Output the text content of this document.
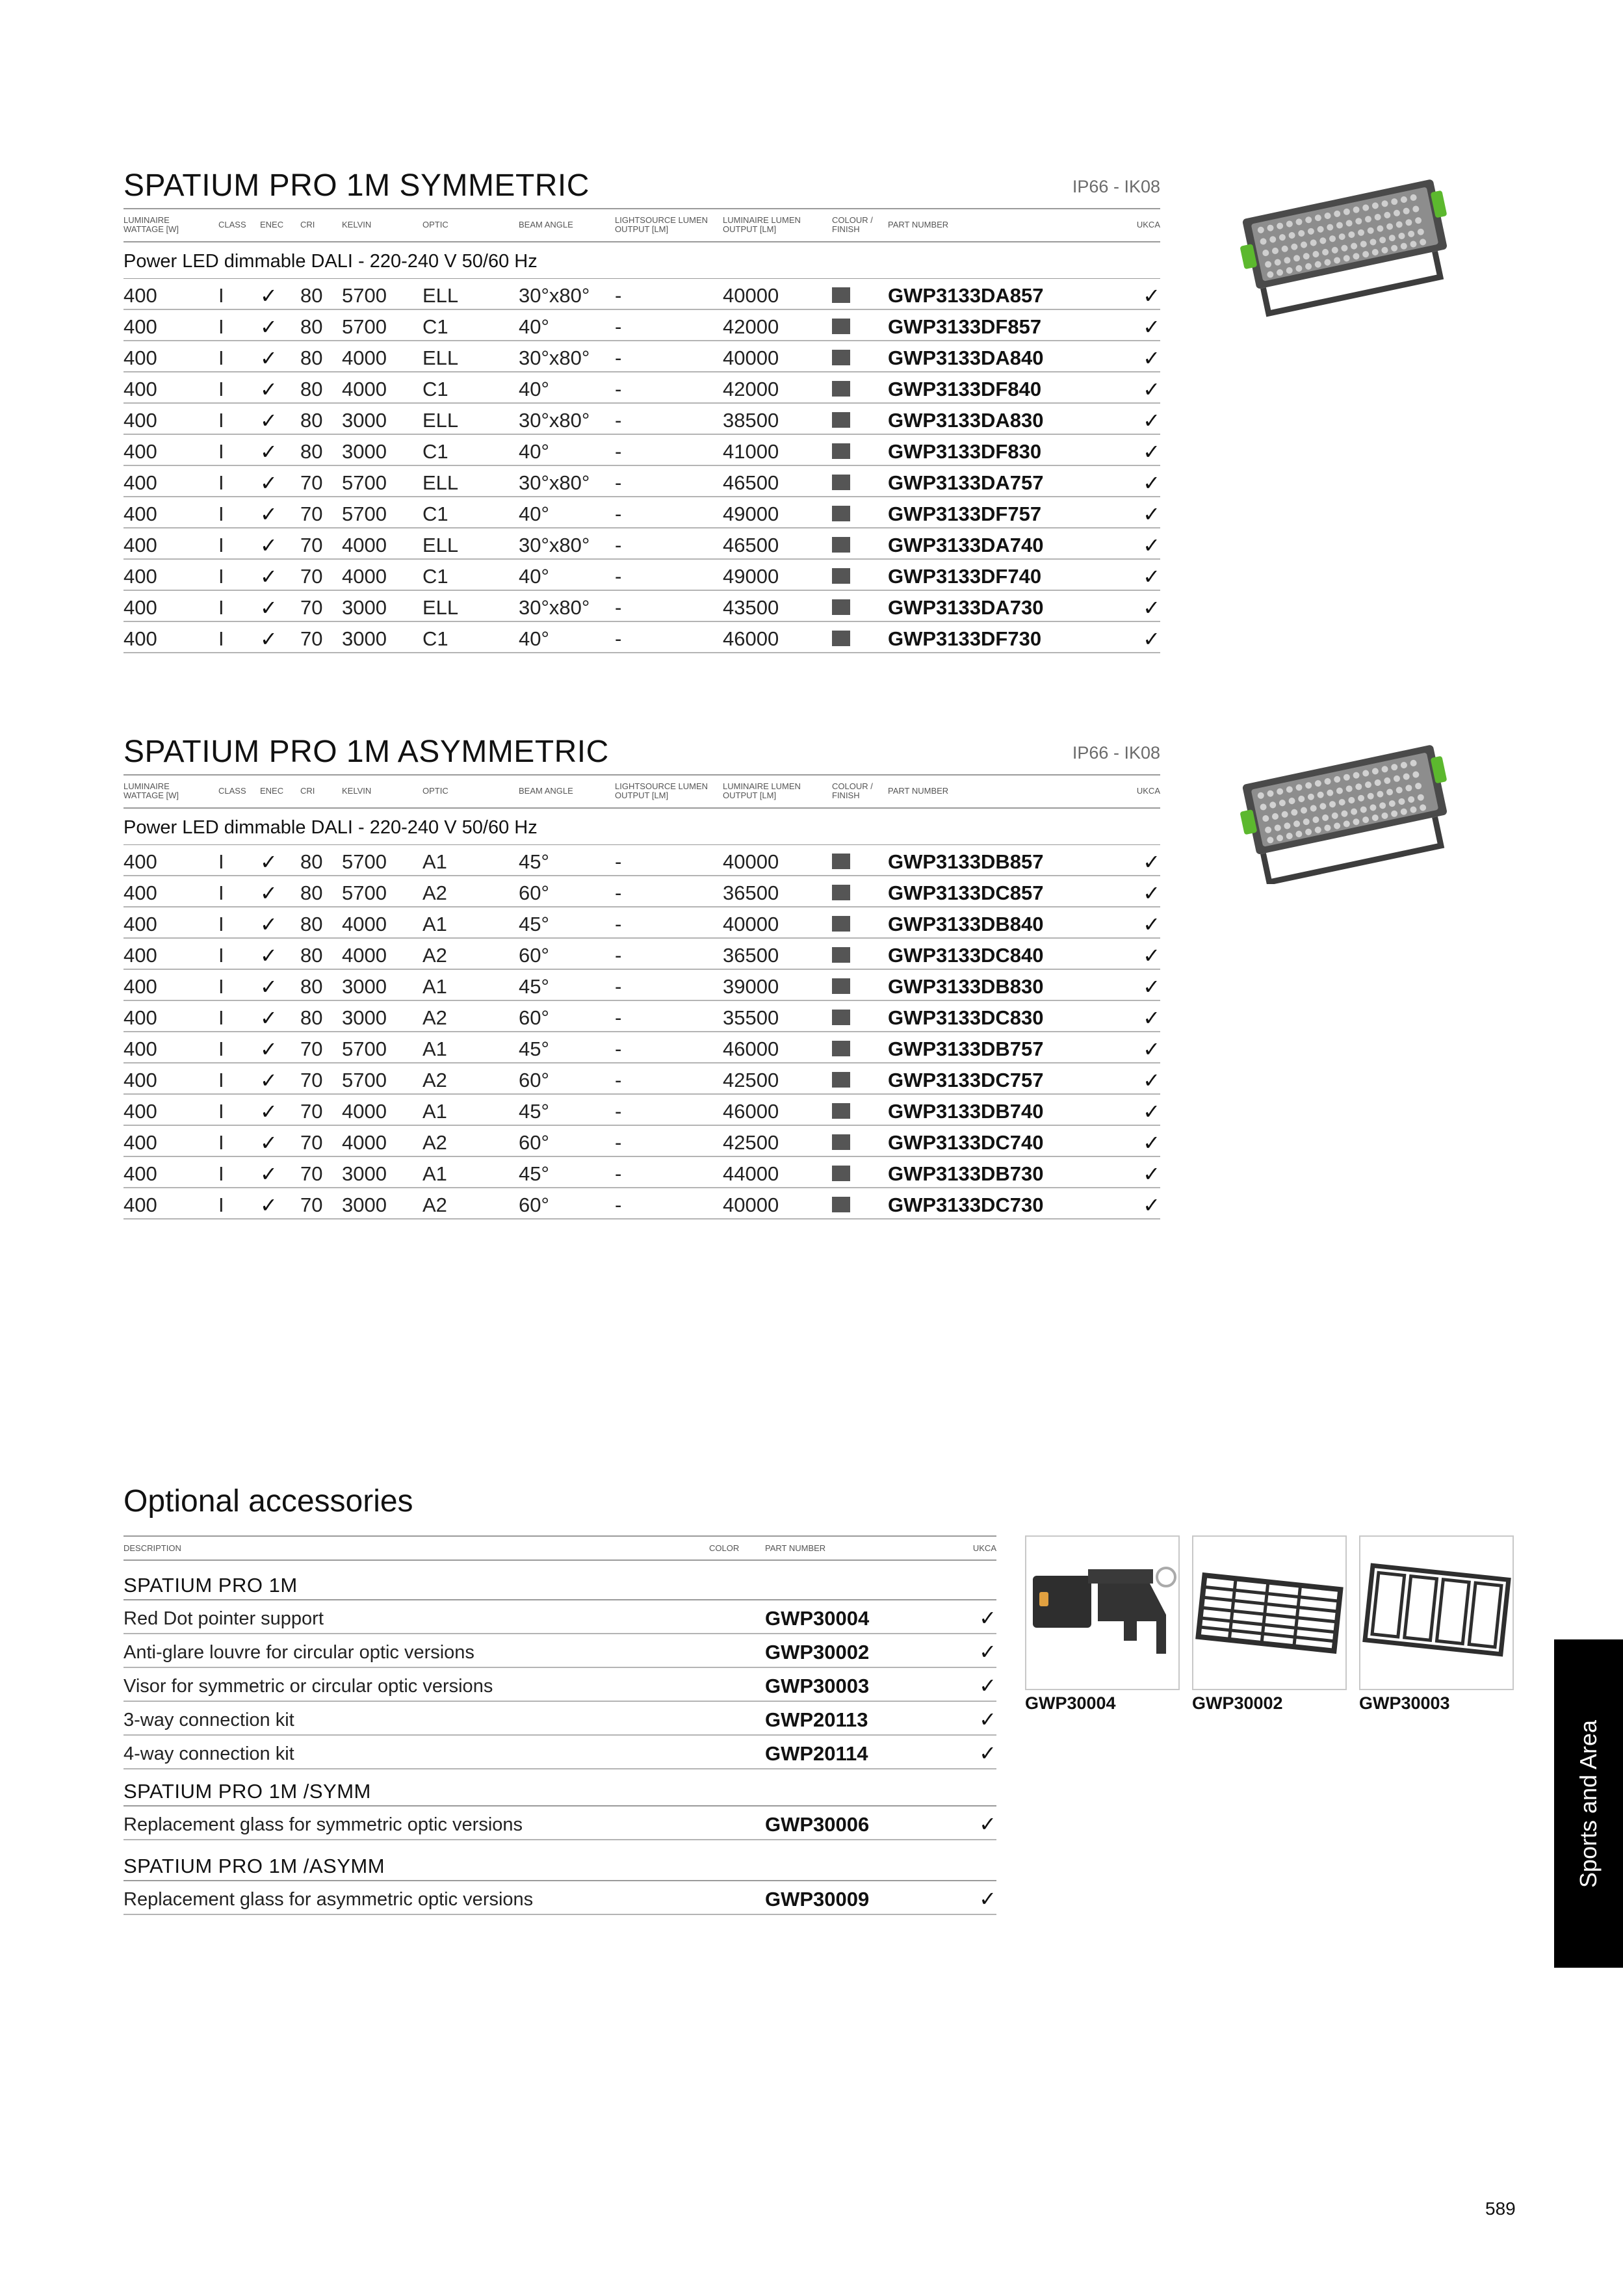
SPATIUM PRO 1M SYMMETRIC	IP66 - IK08
LUMINAIRE
WATTAGE [W]	CLASS ENEC CRI	KELVIN	OPTIC	BEAM ANGLE	LIGHTSOURCE LUMEN
OUTPUT [LM]
LUMINAIRE LUMEN
OUTPUT [LM]
COLOUR /
FINISH	PART NUMBER	UKCA
Power LED dimmable DALI - 220-240 V 50/60 Hz
400	I ✓ 80 5700 ELL	30°x80° -	40000	GWP3133DA857	✓
400	I ✓ 80 5700 C1	40°	-	42000	GWP3133DF857	✓
400	I ✓ 80 4000 ELL	30°x80° -	40000	GWP3133DA840	✓
400	I ✓ 80 4000 C1	40°	-	42000	GWP3133DF840	✓
400	I ✓ 80 3000 ELL	30°x80° -	38500	GWP3133DA830	✓
400	I ✓ 80 3000 C1	40°	-	41000	GWP3133DF830	✓
400	I ✓ 70 5700 ELL	30°x80° -	46500	GWP3133DA757	✓
400	I ✓ 70 5700 C1	40°	-	49000	GWP3133DF757	✓
400	I ✓ 70 4000 ELL	30°x80° -	46500	GWP3133DA740	✓
400	I ✓ 70 4000 C1	40°	-	49000	GWP3133DF740	✓
400	I ✓ 70 3000 ELL	30°x80° -	43500	GWP3133DA730	✓
400	I ✓ 70 3000 C1	40°	-	46000	GWP3133DF730	✓
SPATIUM PRO 1M ASYMMETRIC	IP66 - IK08
LUMINAIRE
WATTAGE [W]	CLASS ENEC CRI	KELVIN	OPTIC	BEAM ANGLE	LIGHTSOURCE LUMEN
OUTPUT [LM]
LUMINAIRE LUMEN
OUTPUT [LM]
COLOUR /
FINISH	PART NUMBER	UKCA
Power LED dimmable DALI - 220-240 V 50/60 Hz
400	I ✓ 80 5700 A1	45°	-	40000	GWP3133DB857	✓
400	I ✓ 80 5700 A2	60°	-	36500	GWP3133DC857	✓
400	I ✓ 80 4000 A1	45°	-	40000	GWP3133DB840	✓
400	I ✓ 80 4000 A2	60°	-	36500	GWP3133DC840	✓
400	I ✓ 80 3000 A1	45°	-	39000	GWP3133DB830	✓
400	I ✓ 80 3000 A2	60°	-	35500	GWP3133DC830	✓
400	I ✓ 70 5700 A1	45°	-	46000	GWP3133DB757	✓
400	I ✓ 70 5700 A2	60°	-	42500	GWP3133DC757	✓
400	I ✓ 70 4000 A1	45°	-	46000	GWP3133DB740	✓
400	I ✓ 70 4000 A2	60°	-	42500	GWP3133DC740	✓
400	I ✓ 70 3000 A1	45°	-	44000	GWP3133DB730	✓
400	I ✓ 70 3000 A2	60°	-	40000	GWP3133DC730	✓
Optional accessories
DESCRIPTION	COLOR	PART NUMBER	UKCA
SPATIUM PRO 1M
Red Dot pointer support	GWP30004	✓
Anti-glare louvre for circular optic versions	GWP30002	✓
Visor for symmetric or circular optic versions	GWP30003	✓
3-way connection kit	GWP20113	✓
4-way connection kit	GWP20114	✓
SPATIUM PRO 1M /SYMM
Replacement glass for symmetric optic versions	GWP30006	✓
SPATIUM PRO 1M /ASYMM
Replacement glass for asymmetric optic versions	GWP30009	✓
GWP30004	GWP30002	GWP30003
Sports and Area
589
